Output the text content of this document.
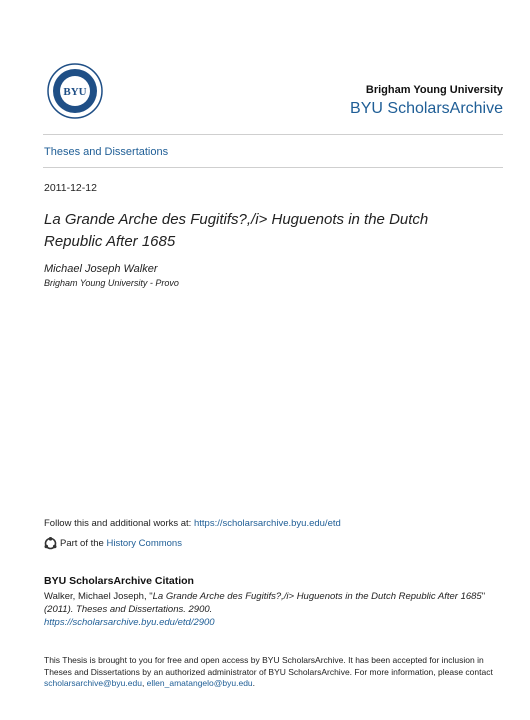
BYU	Brigham Young University
BYU ScholarsArchive
Theses and Dissertations
2011-12-12
La Grande Arche des Fugitifs?,/i> Huguenots in the Dutch Republic After 1685
Michael Joseph Walker
Brigham Young University - Provo
Follow this and additional works at: https://scholarsarchive.byu.edu/etd
Part of the
History Commons
BYU ScholarsArchive Citation
Walker, Michael Joseph, "La Grande Arche des Fugitifs?,/i> Huguenots in the Dutch Republic After 1685"
(2011). Theses and Dissertations. 2900.
https://scholarsarchive.byu.edu/etd/2900
This Thesis is brought to you for free and open access by BYU ScholarsArchive. It has been accepted for inclusion in Theses and Dissertations by an authorized administrator of BYU ScholarsArchive. For more information, please contact scholarsarchive@byu.edu, ellen_amatangelo@byu.edu.
